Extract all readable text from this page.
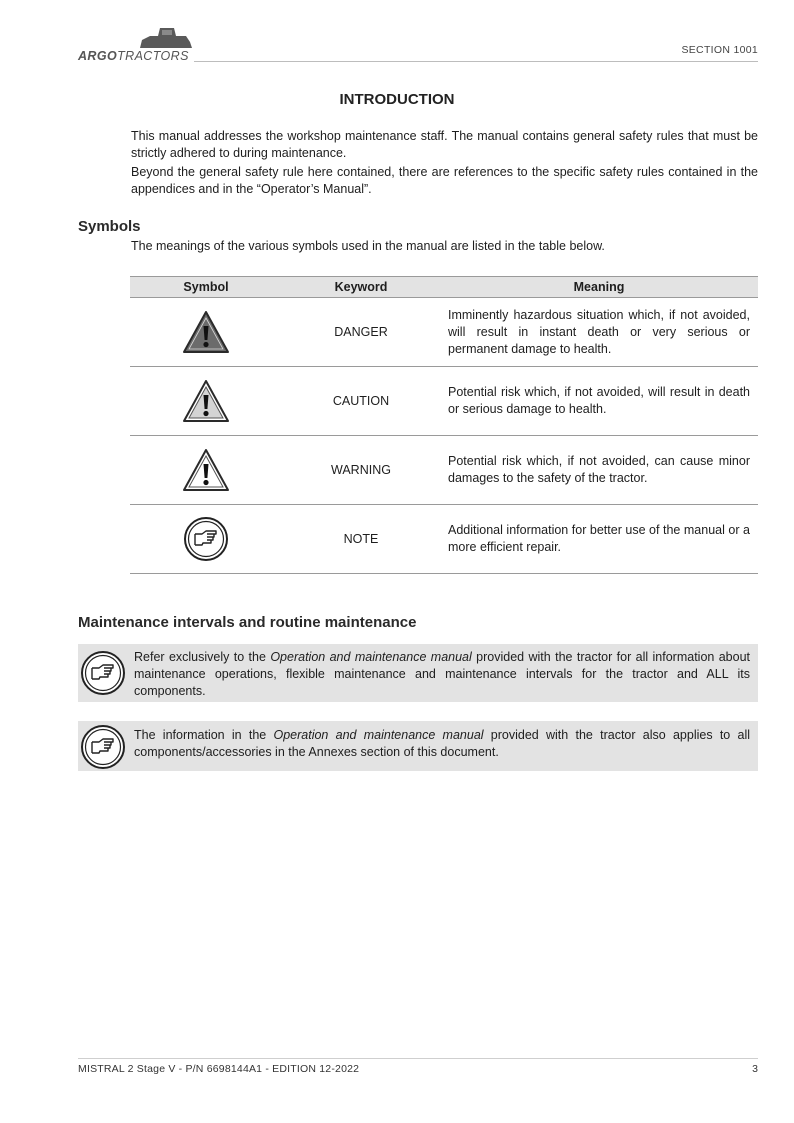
ARGOTRACTORS	SECTION 1001
INTRODUCTION
This manual addresses the workshop maintenance staff. The manual contains general safety rules that must be strictly adhered to during maintenance.
Beyond the general safety rule here contained, there are references to the specific safety rules contained in the appendices and in the “Operator’s Manual”.
Symbols
The meanings of the various symbols used in the manual are listed in the table below.
Symbol	Keyword	Meaning

	DANGER	Imminently hazardous situation which, if not avoided, will result in instant death or very serious or permanent damage to health.

	CAUTION	Potential risk which, if not avoided, will result in death or serious damage to health.

	WARNING	Potential risk which, if not avoided, can cause minor damages to the safety of the tractor.

	NOTE	Additional information for better use of the manual or a more efficient repair.
Maintenance intervals and routine maintenance
Refer exclusively to the Operation and maintenance manual provided with the tractor for all information about maintenance operations, flexible maintenance and maintenance intervals for the tractor and ALL its components.
The information in the Operation and maintenance manual provided with the tractor also applies to all components/accessories in the Annexes section of this document.
MISTRAL 2 Stage V - P/N 6698144A1 - EDITION 12-2022	3
